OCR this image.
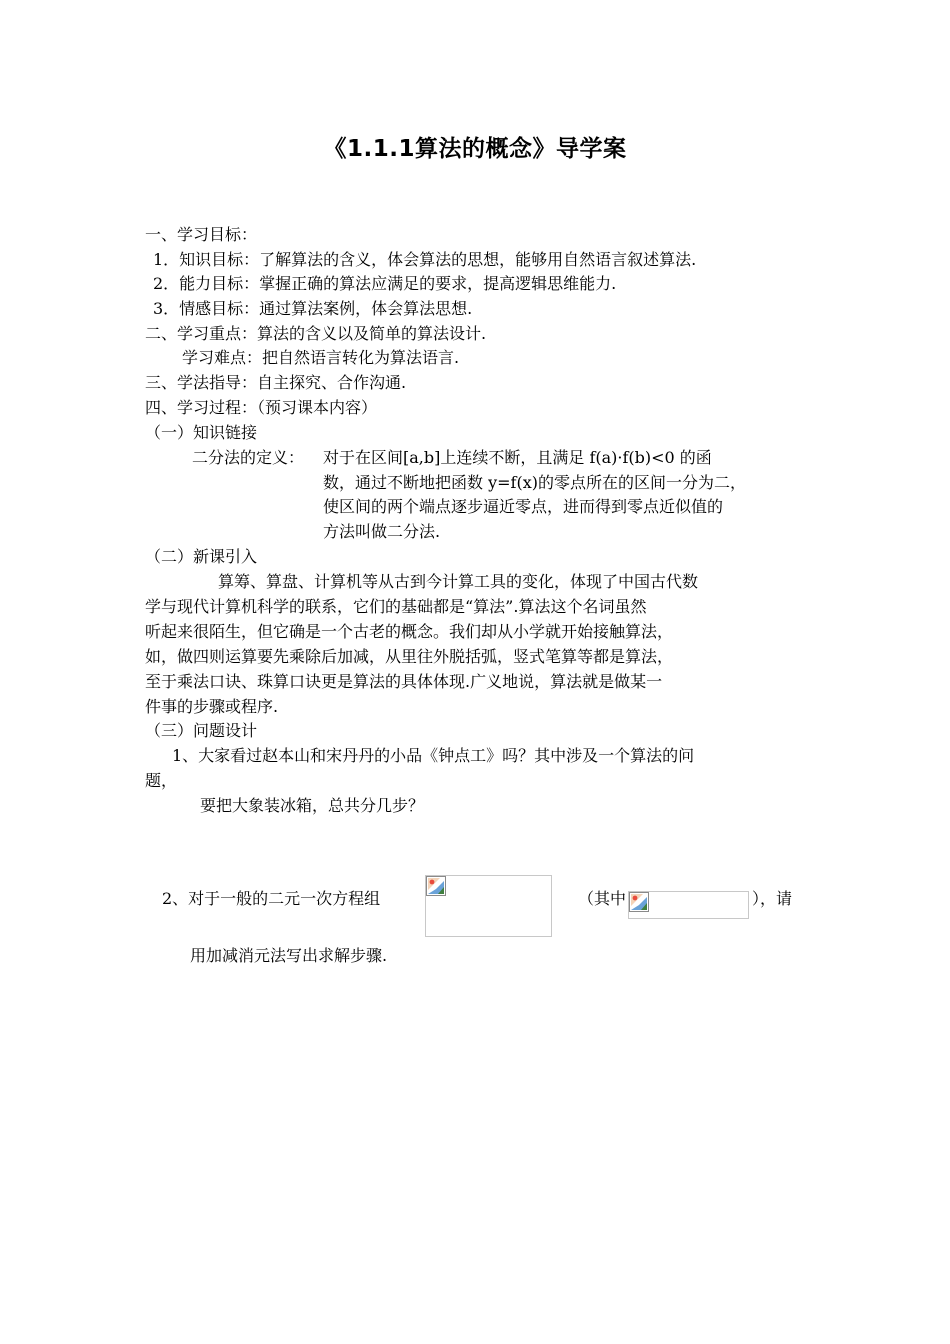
《1.1.1算法的概念》导学案
一、学习目标：
1．知识目标：了解算法的含义，体会算法的思想，能够用自然语言叙述算法.
2．能力目标：掌握正确的算法应满足的要求，提高逻辑思维能力.
3．情感目标：通过算法案例，体会算法思想.
二、学习重点：算法的含义以及简单的算法设计.
学习难点：把自然语言转化为算法语言.
三、学法指导：自主探究、合作沟通.
四、学习过程：（预习课本内容）
（一）知识链接
二分法的定义： 对于在区间[a,b]上连续不断，且满足 f(a)·f(b)<0 的函
数，通过不断地把函数 y=f(x)的零点所在的区间一分为二，
使区间的两个端点逐步逼近零点，进而得到零点近似值的
方法叫做二分法.
（二）新课引入
算筹、算盘、计算机等从古到今计算工具的变化，体现了中国古代数
学与现代计算机科学的联系，它们的基础都是“算法”.算法这个名词虽然
听起来很陌生，但它确是一个古老的概念。我们却从小学就开始接触算法，
如，做四则运算要先乘除后加减，从里往外脱括弧，竖式笔算等都是算法，
至于乘法口诀、珠算口诀更是算法的具体体现.广义地说，算法就是做某一
件事的步骤或程序.
（三）问题设计
1、大家看过赵本山和宋丹丹的小品《钟点工》吗？其中涉及一个算法的问
题，
要把大象装冰箱，总共分几步？
2、对于一般的二元一次方程组	（其中	），请
用加减消元法写出求解步骤.
